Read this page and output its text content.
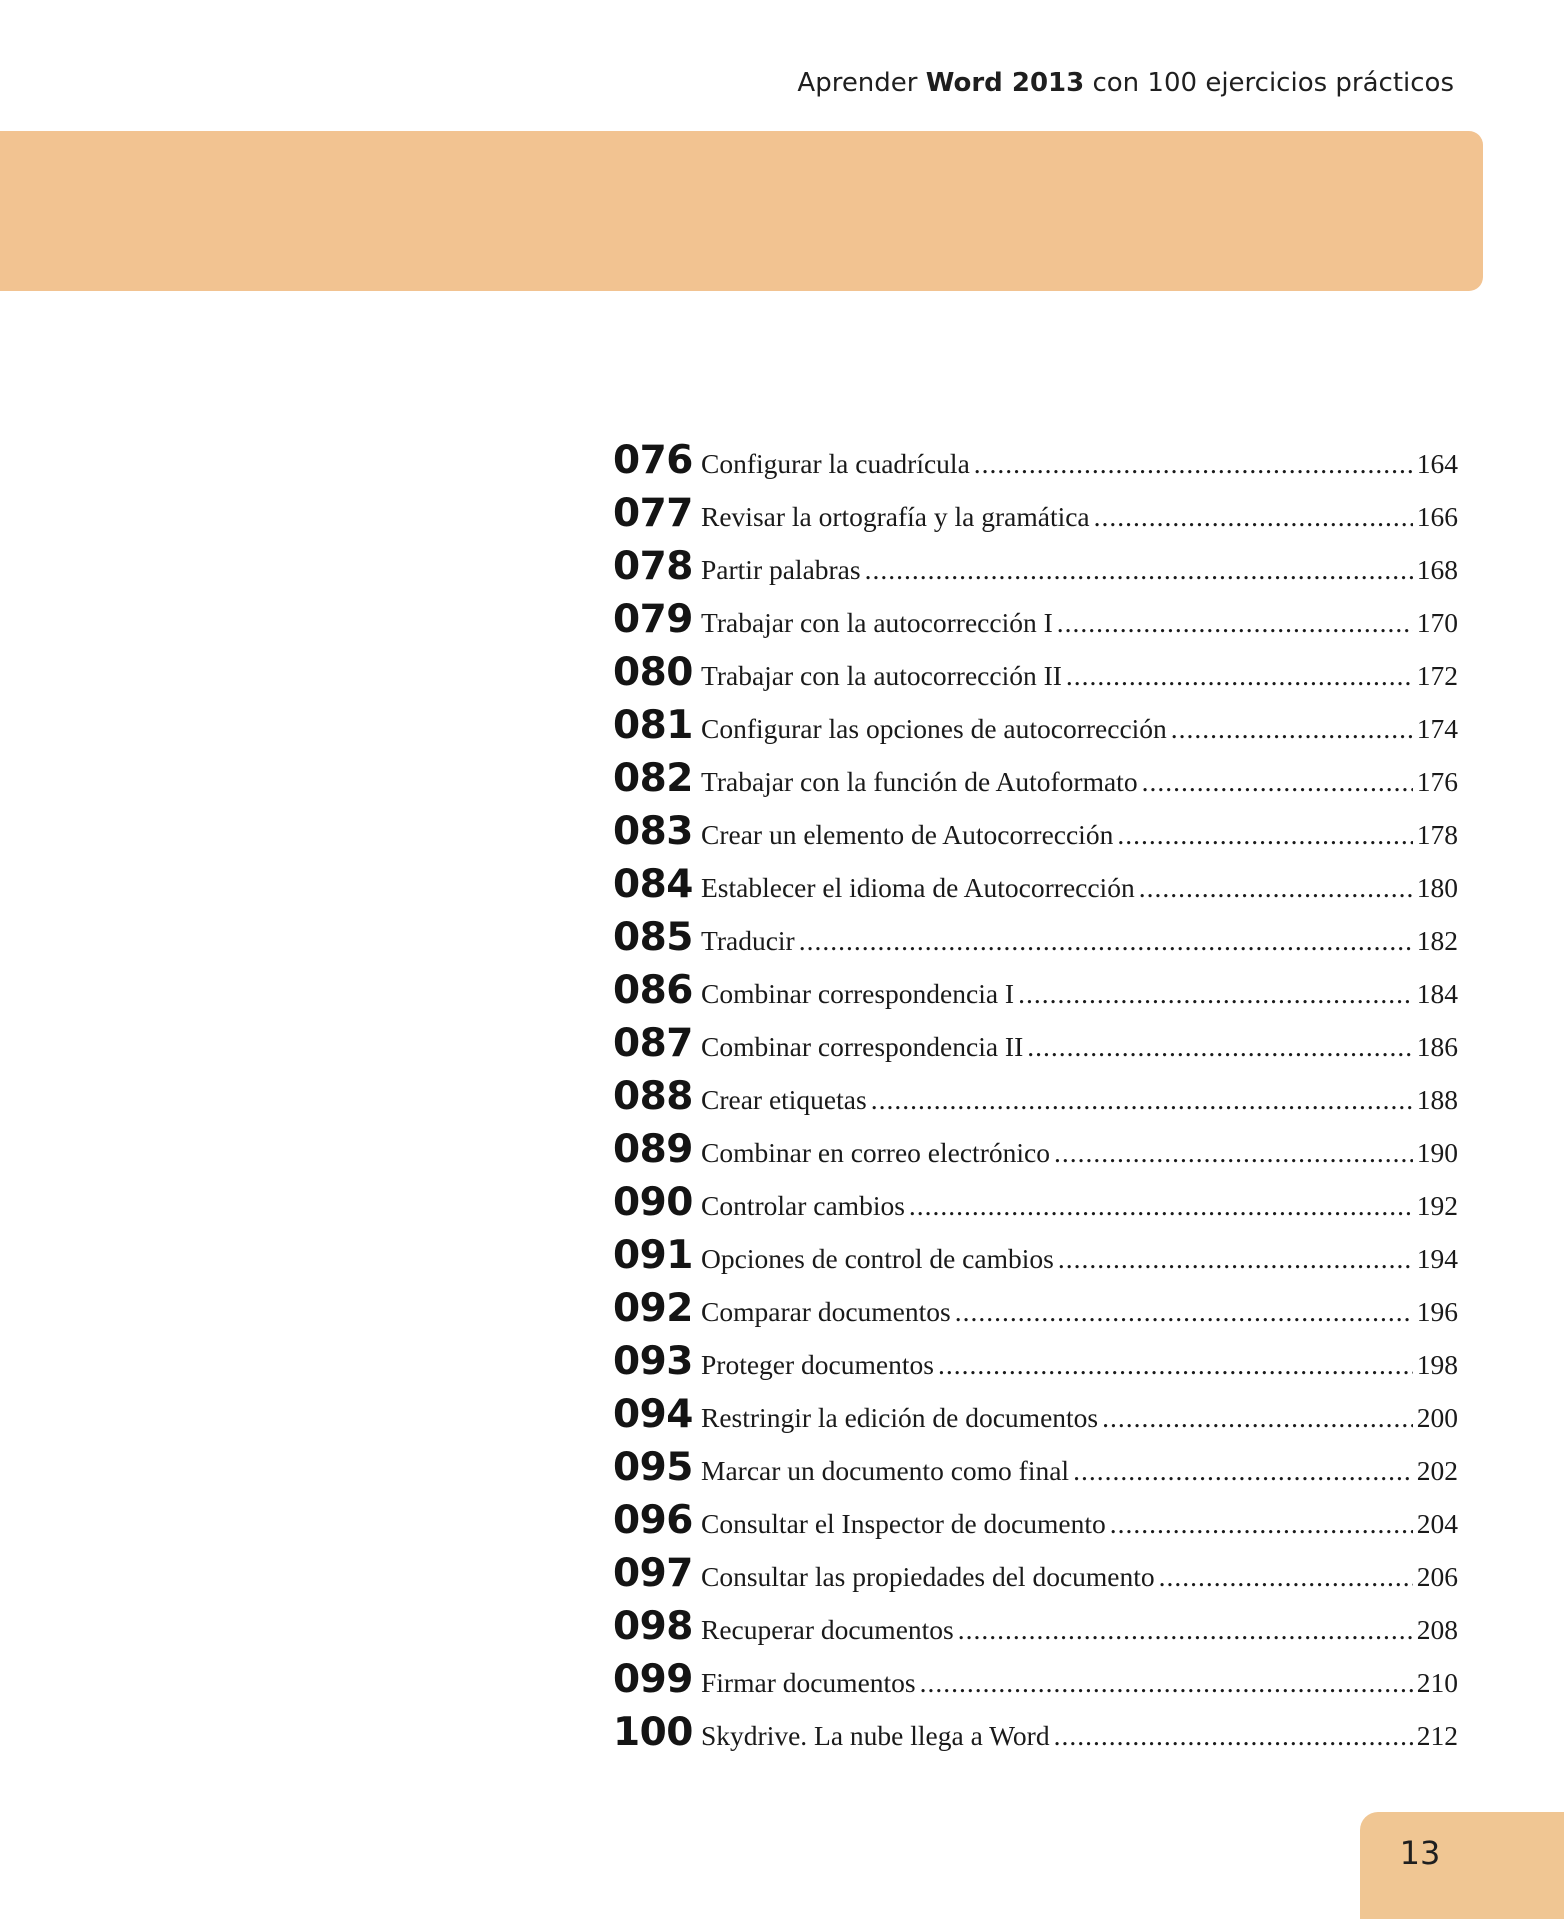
Aprender Word 2013 con 100 ejercicios prácticos
076 Configurar la cuadrícula .....	164
077 Revisar la ortografía y la gramática .....	166
078 Partir palabras .....	168
079 Trabajar con la autocorrección I .....	170
080 Trabajar con la autocorrección II .....	172
081 Configurar las opciones de autocorrección .....	174
082 Trabajar con la función de Autoformato .....	176
083 Crear un elemento de Autocorrección .....	178
084 Establecer el idioma de Autocorrección .....	180
085 Traducir .....	182
086 Combinar correspondencia I .....	184
087 Combinar correspondencia II .....	186
088 Crear etiquetas .....	188
089 Combinar en correo electrónico .....	190
090 Controlar cambios .....	192
091 Opciones de control de cambios .....	194
092 Comparar documentos .....	196
093 Proteger documentos .....	198
094 Restringir la edición de documentos .....	200
095 Marcar un documento como final .....	202
096 Consultar el Inspector de documento .....	204
097 Consultar las propiedades del documento .....	206
098 Recuperar documentos .....	208
099 Firmar documentos .....	210
100 Skydrive. La nube llega a Word .....	212
13
